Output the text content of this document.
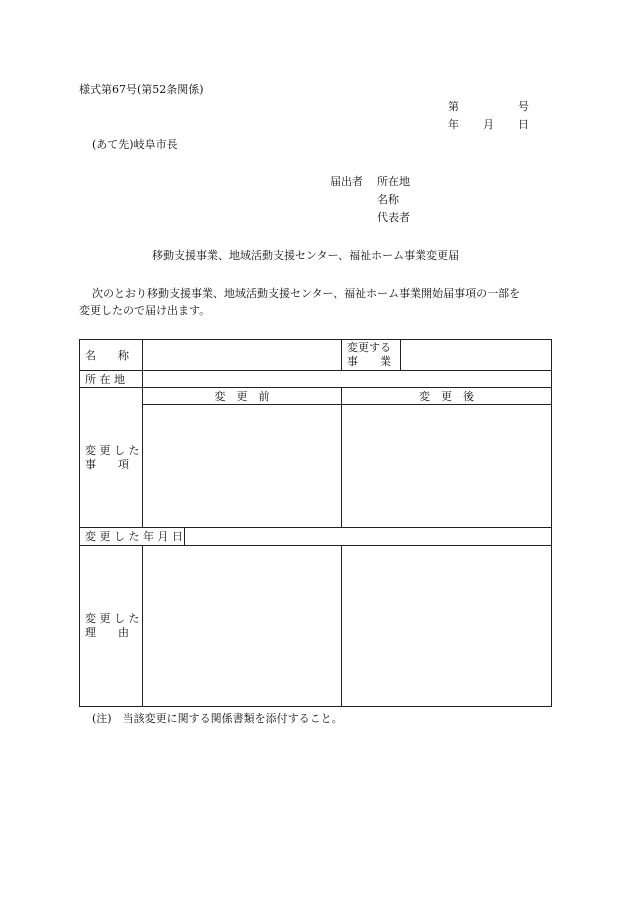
様式第67号(第52条関係)
第	号
年 月 日
(あて先)岐阜市長
届出者 所在地
名称
代表者
移動支援事業、地域活動支援センター、福祉ホーム事業変更届
次のとおり移動支援事業、地域活動支援センター、福祉ホーム事業開始届事項の一部を
変更したので届け出ます。
名　　称			変更する
事　　業	

所 在 地				

変 更 し た
事　　項	変　更　前		変　更　後	

変 更 し た 年 月 日				

変 更 し た
理　　由				

(注)　当該変更に関する関係書類を添付すること。
